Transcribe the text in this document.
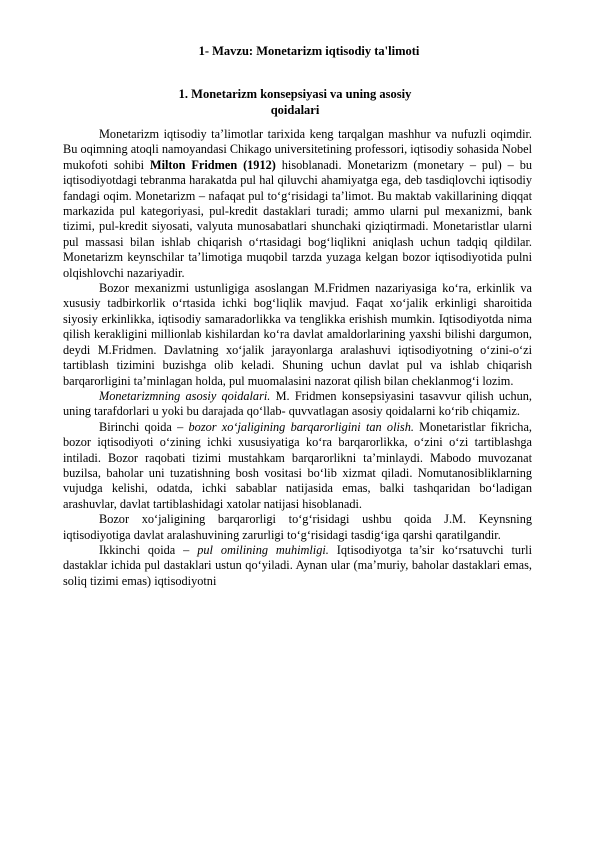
1- Mavzu: Monetarizm iqtisodiy ta'limoti
1. Monetarizm konsepsiyasi va uning asosiy
qoidalari

Monetarizm iqtisodiy ta’limotlar tarixida keng tarqalgan mashhur va nufuzli oqimdir. Bu oqimning atoqli namoyandasi Chikago universitetining professori, iqtisodiy sohasida Nobel mukofoti sohibi Milton Fridmen (1912) hisoblanadi. Monetarizm (monetary – pul) – bu iqtisodiyotdagi tebranma harakatda pul hal qiluvchi ahamiyatga ega, deb tasdiqlovchi iqtisodiy fandagi oqim. Monetarizm – nafaqat pul to‘g‘risidagi ta’limot. Bu maktab vakillarining diqqat markazida pul kategoriyasi, pul-kredit dastaklari turadi; ammo ularni pul mexanizmi, bank tizimi, pul-kredit siyosati, valyuta munosabatlari shunchaki qiziqtirmadi. Monetaristlar ularni pul massasi bilan ishlab chiqarish o‘rtasidagi bog‘liqlikni aniqlash uchun tadqiq qildilar. Monetarizm keynschilar ta’limotiga muqobil tarzda yuzaga kelgan bozor iqtisodiyotida pulni olqishlovchi nazariyadir.

Bozor mexanizmi ustunligiga asoslangan M.Fridmen nazariyasiga ko‘ra, erkinlik va xususiy tadbirkorlik o‘rtasida ichki bog‘liqlik mavjud. Faqat xo‘jalik erkinligi sharoitida siyosiy erkinlikka, iqtisodiy samaradorlikka va tenglikka erishish mumkin. Iqtisodiyotda nima qilish kerakligini millionlab kishilardan ko‘ra davlat amaldorlarining yaxshi bilishi dargumon, deydi M.Fridmen. Davlatning xo‘jalik jarayonlarga aralashuvi iqtisodiyotning o‘zini-o‘zi tartiblash tizimini buzishga olib keladi. Shuning uchun davlat pul va ishlab chiqarish barqarorligini ta’minlagan holda, pul muomalasini nazorat qilish bilan cheklanmog‘i lozim.

Monetarizmning asosiy qoidalari. M. Fridmen konsepsiyasini tasavvur qilish uchun, uning tarafdorlari u yoki bu darajada qo‘llab- quvvatlagan asosiy qoidalarni ko‘rib chiqamiz.

Birinchi qoida – bozor xo‘jaligining barqarorligini tan olish. Monetaristlar fikricha, bozor iqtisodiyoti o‘zining ichki xususiyatiga ko‘ra barqarorlikka, o‘zini o‘zi tartiblashga intiladi. Bozor raqobati tizimi mustahkam barqarorlikni ta’minlaydi. Mabodo muvozanat buzilsa, baholar uni tuzatishning bosh vositasi bo‘lib xizmat qiladi. Nomutanosibliklarning vujudga kelishi, odatda, ichki sabablar natijasida emas, balki tashqaridan bo‘ladigan arashuvlar, davlat tartiblashidagi xatolar natijasi hisoblanadi.

Bozor xo‘jaligining barqarorligi to‘g‘risidagi ushbu qoida J.M. Keynsning iqtisodiyotiga davlat aralashuvining zarurligi to‘g‘risidagi tasdig‘iga qarshi qaratilgandir.

Ikkinchi qoida – pul omilining muhimligi. Iqtisodiyotga ta’sir ko‘rsatuvchi turli dastaklar ichida pul dastaklari ustun qo‘yiladi. Aynan ular (ma’muriy, baholar dastaklari emas, soliq tizimi emas) iqtisodiyotni
